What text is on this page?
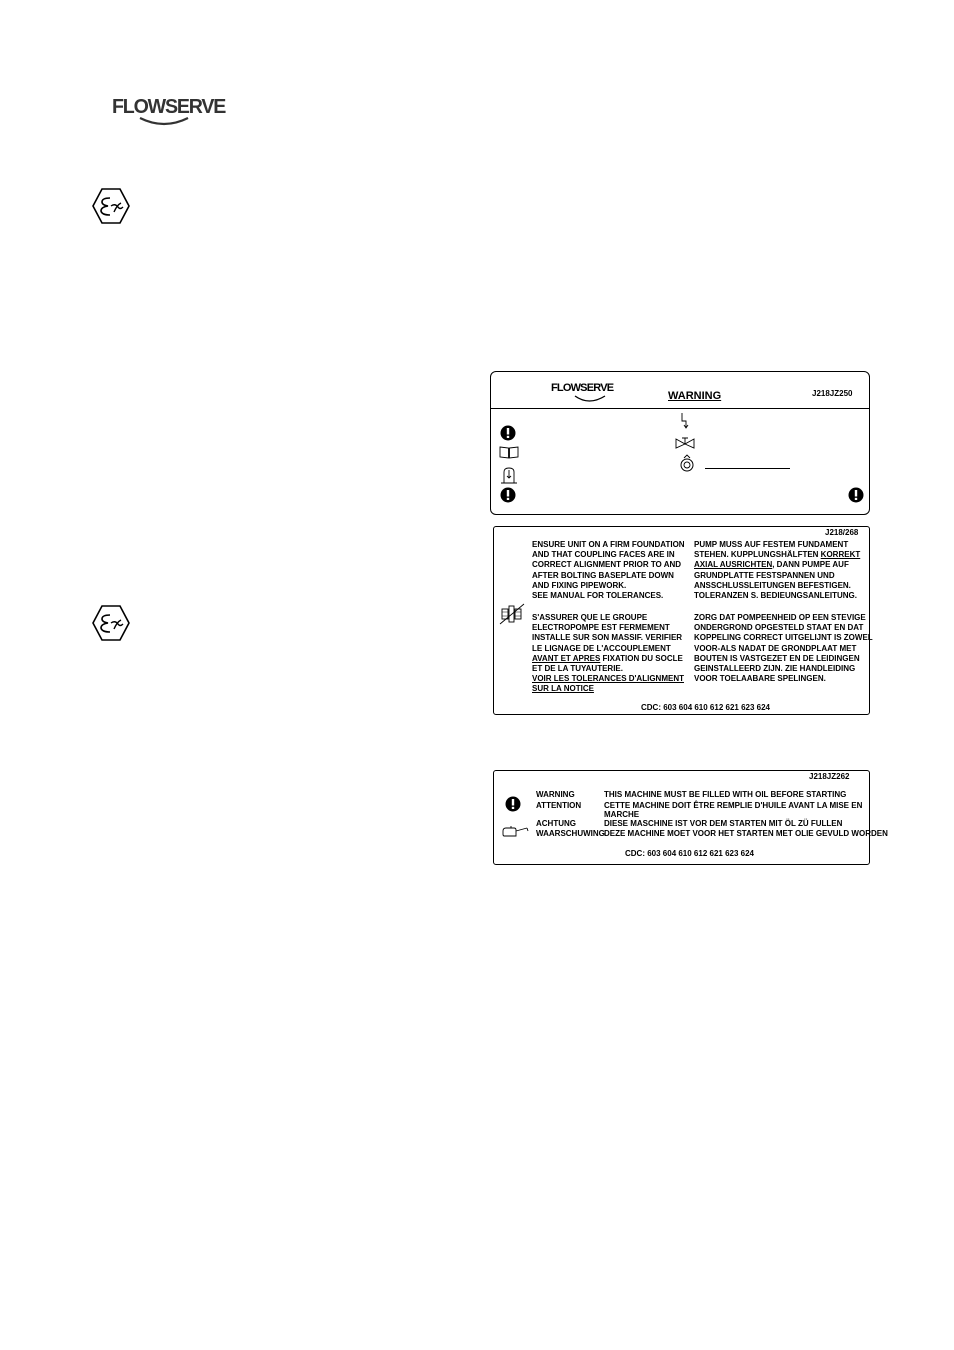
FLOWSERVE
FLOWSERVE
WARNING	J218JZ250
J218/268
ENSURE UNIT ON A FIRM FOUNDATION
AND THAT COUPLING FACES ARE IN
CORRECT ALIGNMENT PRIOR TO AND
AFTER BOLTING BASEPLATE DOWN
AND FIXING PIPEWORK.
SEE MANUAL FOR TOLERANCES.
PUMP MUSS AUF FESTEM FUNDAMENT
STEHEN. KUPPLUNGSHÄLFTEN KORREKT
AXIAL AUSRICHTEN, DANN PUMPE AUF
GRUNDPLATTE FESTSPANNEN UND
ANSSCHLUSSLEITUNGEN BEFESTIGEN.
TOLERANZEN S. BEDIEUNGSANLEITUNG.
S'ASSURER QUE LE GROUPE
ELECTROPOMPE EST FERMEMENT
INSTALLE SUR SON MASSIF. VERIFIER
LE LIGNAGE DE L'ACCOUPLEMENT
AVANT ET APRES FIXATION DU SOCLE
ET DE LA TUYAUTERIE.
VOIR LES TOLERANCES D'ALIGNMENT
SUR LA NOTICE
ZORG DAT POMPEENHEID OP EEN STEVIGE
ONDERGROND OPGESTELD STAAT EN DAT
KOPPELING CORRECT UITGELIJNT IS ZOWEL
VOOR-ALS NADAT DE GRONDPLAAT MET
BOUTEN IS VASTGEZET EN DE LEIDINGEN
GEINSTALLEERD ZIJN. ZIE HANDLEIDING
VOOR TOELAABARE SPELINGEN.
CDC: 603 604 610 612 621 623 624
J218JZ262
WARNING	THIS MACHINE MUST BE FILLED WITH OIL BEFORE STARTING
ATTENTION	CETTE MACHINE DOIT ÊTRE REMPLIE D'HUILE AVANT LA MISE EN
MARCHE
ACHTUNG	DIESE MASCHINE IST VOR DEM STARTEN MIT ÖL ZÜ FULLEN
WAARSCHUWING DEZE MACHINE MOET VOOR HET STARTEN MET OLIE GEVULD WORDEN
CDC: 603 604 610 612 621 623 624
